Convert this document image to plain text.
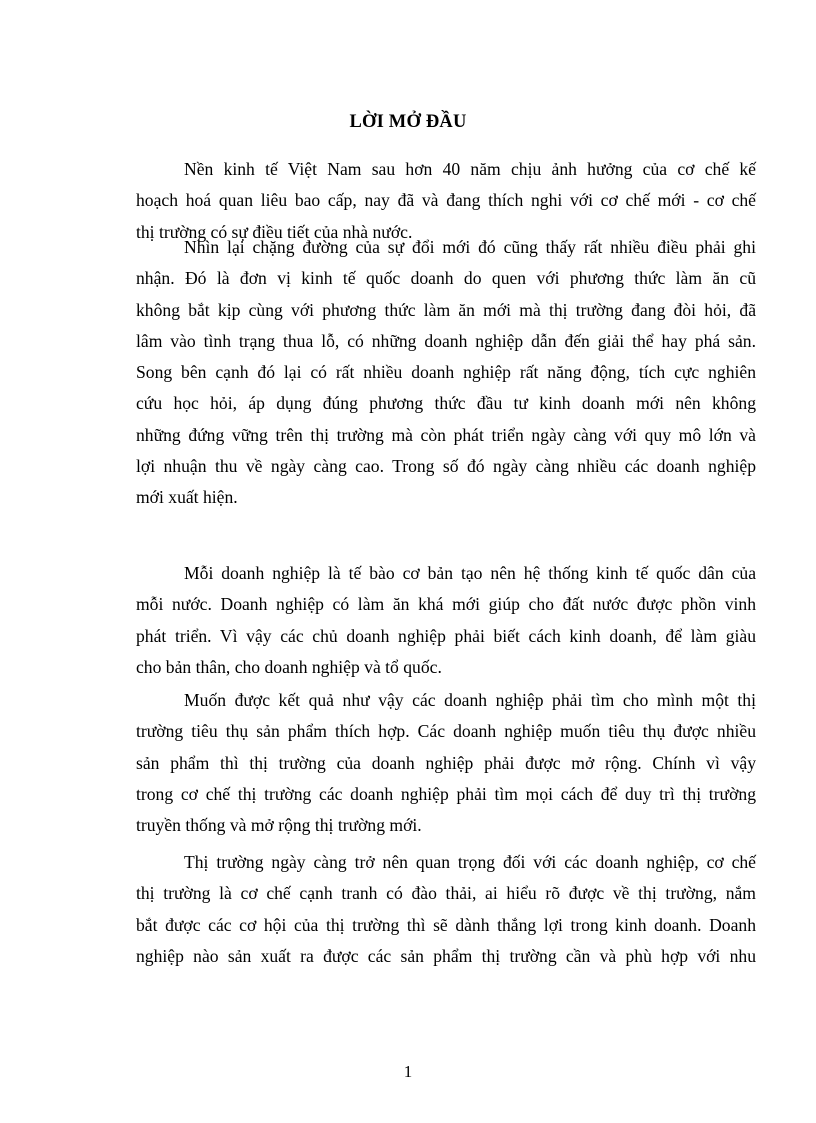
LỜI MỞ ĐẦU
Nền kinh tế Việt Nam sau hơn 40 năm chịu ảnh hưởng của cơ chế kế
hoạch hoá quan liêu bao cấp, nay đã và đang thích nghi với cơ chế mới - cơ chế
thị trường có sự điều tiết của nhà nước.
Nhìn lại chặng đường của sự đổi mới đó cũng thấy rất nhiều điều phải ghi
nhận. Đó là đơn vị kinh tế quốc doanh do quen với phương thức làm ăn cũ
không bắt kịp cùng với phương thức làm ăn mới mà thị trường đang đòi hỏi, đã
lâm vào tình trạng thua lỗ, có những doanh nghiệp dẫn đến giải thể hay phá sản.
Song bên cạnh đó lại có rất nhiều doanh nghiệp rất năng động, tích cực nghiên
cứu học hỏi, áp dụng đúng phương thức đầu tư kinh doanh mới nên không
những đứng vững trên thị trường mà còn phát triển ngày càng với quy mô lớn và
lợi nhuận thu về ngày càng cao. Trong số đó ngày càng nhiều các doanh nghiệp
mới xuất hiện.
Mỗi doanh nghiệp là tế bào cơ bản tạo nên hệ thống kinh tế quốc dân của
mỗi nước. Doanh nghiệp có làm ăn khá mới giúp cho đất nước được phồn vinh
phát triển. Vì vậy các chủ doanh nghiệp phải biết cách kinh doanh, để làm giàu
cho bản thân, cho doanh nghiệp và tổ quốc.
Muốn được kết quả như vậy các doanh nghiệp phải tìm cho mình một thị
trường tiêu thụ sản phẩm thích hợp. Các doanh nghiệp muốn tiêu thụ được nhiều
sản phẩm thì thị trường của doanh nghiệp phải được mở rộng. Chính vì vậy
trong cơ chế thị trường các doanh nghiệp phải tìm mọi cách để duy trì thị trường
truyền thống và mở rộng thị trường mới.
Thị trường ngày càng trở nên quan trọng đối với các doanh nghiệp, cơ chế
thị trường là cơ chế cạnh tranh có đào thải, ai hiểu rõ được về thị trường, nắm
bắt được các cơ hội của thị trường thì sẽ dành thắng lợi trong kinh doanh. Doanh
nghiệp nào sản xuất ra được các sản phẩm thị trường cần và phù hợp với nhu
1
